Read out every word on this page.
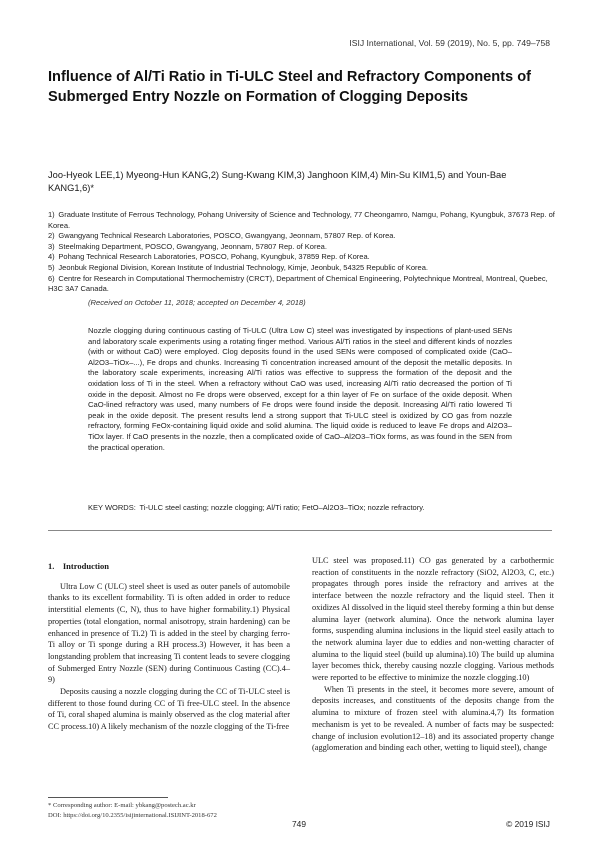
ISIJ International, Vol. 59 (2019), No. 5, pp. 749–758
Influence of Al/Ti Ratio in Ti-ULC Steel and Refractory Components of Submerged Entry Nozzle on Formation of Clogging Deposits

Joo-Hyeok LEE,1) Myeong-Hun KANG,2) Sung-Kwang KIM,3) Janghoon KIM,4) Min-Su KIM1,5) and Youn-Bae KANG1,6)*

1) Graduate Institute of Ferrous Technology, Pohang University of Science and Technology, 77 Cheongamro, Namgu, Pohang, Kyungbuk, 37673 Rep. of Korea.
2) Gwangyang Technical Research Laboratories, POSCO, Gwangyang, Jeonnam, 57807 Rep. of Korea.
3) Steelmaking Department, POSCO, Gwangyang, Jeonnam, 57807 Rep. of Korea.
4) Pohang Technical Research Laboratories, POSCO, Pohang, Kyungbuk, 37859 Rep. of Korea.
5) Jeonbuk Regional Division, Korean Institute of Industrial Technology, Kimje, Jeonbuk, 54325 Republic of Korea.
6) Centre for Research in Computational Thermochemistry (CRCT), Department of Chemical Engineering, Polytechnique Montreal, Montreal, Quebec, H3C 3A7 Canada.
(Received on October 11, 2018; accepted on December 4, 2018)

Nozzle clogging during continuous casting of Ti-ULC (Ultra Low C) steel was investigated by inspections of plant-used SENs and laboratory scale experiments using a rotating finger method. Various Al/Ti ratios in the steel and different kinds of nozzles (with or without CaO) were employed. Clog deposits found in the used SENs were composed of complicated oxide (CaO–Al2O3–TiOx–...), Fe drops and chunks. Increasing Ti concentration increased amount of the deposit the metallic deposits. In the laboratory scale experiments, increasing Al/Ti ratios was effective to suppress the formation of the deposit and the oxidation loss of Ti in the steel. When a refractory without CaO was used, increasing Al/Ti ratio decreased the portion of Ti oxide in the deposit. Almost no Fe drops were observed, except for a thin layer of Fe on surface of the oxide deposit. When CaO-lined refractory was used, many numbers of Fe drops were found inside the deposit. Increasing Al/Ti ratio lowered Ti peak in the oxide deposit. The present results lend a strong support that Ti-ULC steel is oxidized by CO gas from nozzle refractory, forming FeOx-containing liquid oxide and solid alumina. The liquid oxide is reduced to leave Fe drops and Al2O3–TiOx layer. If CaO presents in the nozzle, then a complicated oxide of CaO–Al2O3–TiOx forms, as was found in the SEN from the practical operation.

KEY WORDS: Ti-ULC steel casting; nozzle clogging; Al/Ti ratio; FetO–Al2O3–TiOx; nozzle refractory.

1.  Introduction

Ultra Low C (ULC) steel sheet is used as outer panels of automobile thanks to its excellent formability. Ti is often added in order to reduce interstitial elements (C, N), thus to have higher formability.1) Physical properties (total elongation, normal anisotropy, strain hardening) can be enhanced in presence of Ti.2) Ti is added in the steel by charging ferro-Ti alloy or Ti sponge during a RH process.3) However, it has been a longstanding problem that increasing Ti content leads to severe clogging of Submerged Entry Nozzle (SEN) during Continuous Casting (CC).4–9)

Deposits causing a nozzle clogging during the CC of Ti-ULC steel is different to those found during CC of Ti free-ULC steel. In the absence of Ti, coral shaped alumina is mainly observed as the clog material after CC process.10) A likely mechanism of the nozzle clogging of the Ti-free

ULC steel was proposed.11) CO gas generated by a carbothermic reaction of constituents in the nozzle refractory (SiO2, Al2O3, C, etc.) propagates through pores inside the refractory and arrives at the interface between the nozzle refractory and the liquid steel. Then it oxidizes Al dissolved in the liquid steel thereby forming a thin but dense alumina layer (network alumina). Once the network alumina layer forms, suspending alumina inclusions in the liquid steel easily attach to the network alumina layer due to eddies and non-wetting character of alumina to the liquid steel (build up alumina).10) The build up alumina layer becomes thick, thereby causing nozzle clogging. Various methods were reported to be effective to minimize the nozzle clogging.10)

When Ti presents in the steel, it becomes more severe, amount of deposits increases, and constituents of the deposits change from the alumina to mixture of frozen steel with alumina.4,7) Its formation mechanism is yet to be revealed. A number of facts may be suspected: change of inclusion evolution12–18) and its associated property change (agglomeration and binding each other, wetting to liquid steel), change

* Corresponding author: E-mail: ybkang@postech.ac.kr
DOI: https://doi.org/10.2355/isijinternational.ISIJINT-2018-672
749	© 2019 ISIJ
